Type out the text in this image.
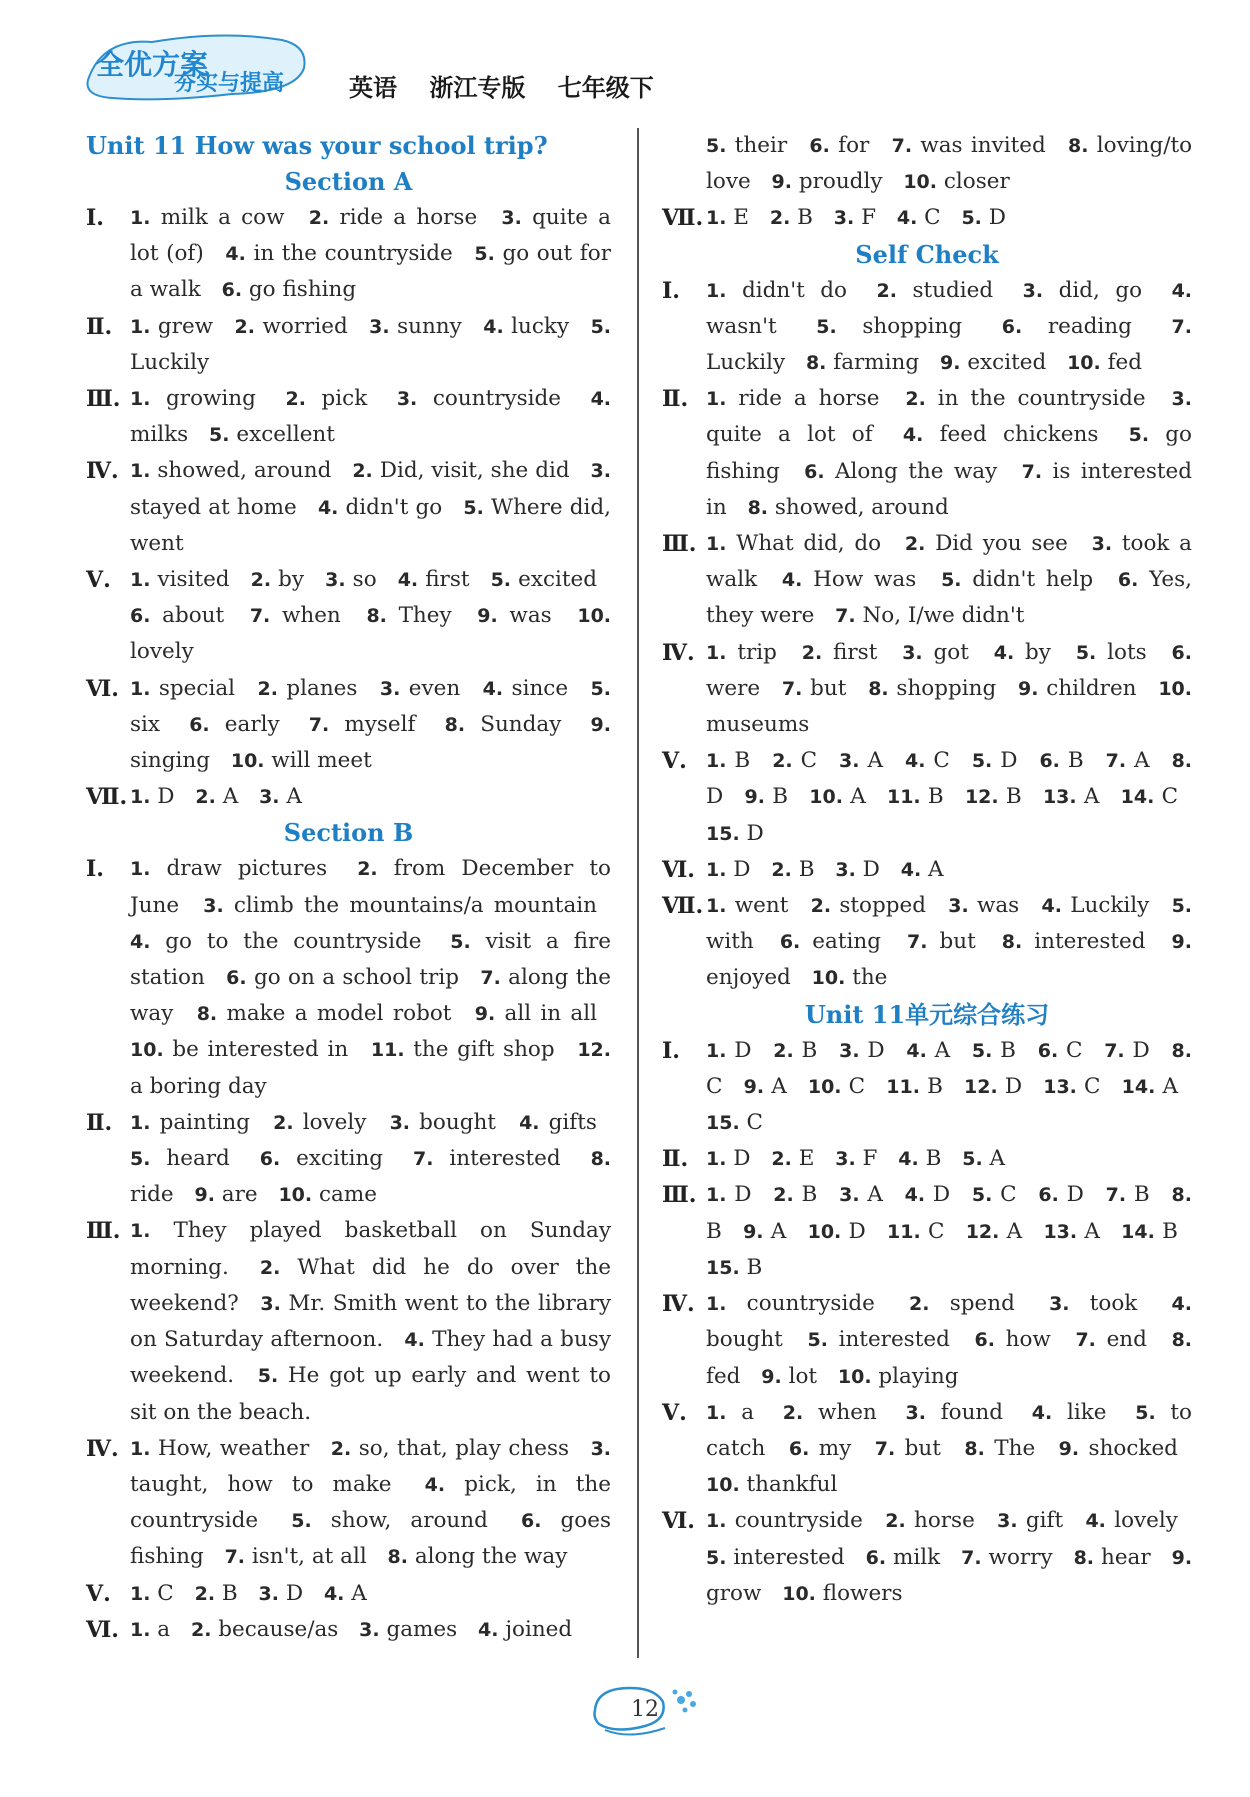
全优方案
夯实与提高	英语 浙江专版 七年级下
Unit 11 How was your school trip?
Section A
Ⅰ.	1. milk a cow 2. ride a horse 3. quite a lot (of) 4. in the countryside 5. go out for a walk 6. go fishing
Ⅱ. 1. grew 2. worried 3. sunny 4. lucky 5. Luckily
Ⅲ. 1. growing 2. pick 3. countryside 4. milks 5. excellent
Ⅳ. 1. showed, around 2. Did, visit, she did 3. stayed at home 4. didn't go 5. Where did, went
Ⅴ.	1. visited 2. by 3. so 4. first 5. excited 6. about 7. when 8. They 9. was 10. lovely
Ⅵ. 1. special 2. planes 3. even 4. since 5. six 6. early 7. myself 8. Sunday 9. singing 10. will meet
Ⅶ. 1. D 2. A 3. A
Section B
Ⅰ.	1. draw pictures 2. from December to June 3. climb the mountains/a mountain 4. go to the countryside 5. visit a fire station 6. go on a school trip 7. along the way 8. make a model robot 9. all in all 10. be interested in 11. the gift shop 12. a boring day
Ⅱ. 1. painting 2. lovely 3. bought 4. gifts 5. heard 6. exciting 7. interested 8. ride 9. are 10. came
Ⅲ. 1. They played basketball on Sunday morning. 2. What did he do over the weekend? 3. Mr. Smith went to the library on Saturday afternoon. 4. They had a busy weekend. 5. He got up early and went to sit on the beach.
Ⅳ. 1. How, weather 2. so, that, play chess 3. taught, how to make 4. pick, in the countryside 5. show, around 6. goes fishing 7. isn't, at all 8. along the way
Ⅴ.	1. C 2. B 3. D 4. A
Ⅵ. 1. a 2. because/as 3. games 4. joined
5. their 6. for 7. was invited 8. loving/to love 9. proudly 10. closer
Ⅶ. 1. E 2. B 3. F 4. C 5. D
Self Check
Ⅰ.	1. didn't do 2. studied 3. did, go 4. wasn't 5. shopping 6. reading 7. Luckily 8. farming 9. excited 10. fed
Ⅱ. 1. ride a horse 2. in the countryside 3. quite a lot of 4. feed chickens 5. go fishing 6. Along the way 7. is interested in 8. showed, around
Ⅲ. 1. What did, do 2. Did you see 3. took a walk 4. How was 5. didn't help 6. Yes, they were 7. No, I/we didn't
Ⅳ. 1. trip 2. first 3. got 4. by 5. lots 6. were 7. but 8. shopping 9. children 10. museums
Ⅴ.	1. B 2. C 3. A 4. C 5. D 6. B 7. A 8. D 9. B 10. A 11. B 12. B 13. A 14. C 15. D
Ⅵ. 1. D 2. B 3. D 4. A
Ⅶ. 1. went 2. stopped 3. was 4. Luckily 5. with 6. eating 7. but 8. interested 9. enjoyed 10. the
Unit 11单元综合练习
Ⅰ.	1. D 2. B 3. D 4. A 5. B 6. C 7. D 8. C 9. A 10. C 11. B 12. D 13. C 14. A 15. C
Ⅱ. 1. D 2. E 3. F 4. B 5. A
Ⅲ. 1. D 2. B 3. A 4. D 5. C 6. D 7. B 8. B 9. A 10. D 11. C 12. A 13. A 14. B 15. B
Ⅳ. 1. countryside 2. spend 3. took 4. bought 5. interested 6. how 7. end 8. fed 9. lot 10. playing
Ⅴ.	1. a 2. when 3. found 4. like 5. to catch 6. my 7. but 8. The 9. shocked 10. thankful
Ⅵ. 1. countryside 2. horse 3. gift 4. lovely 5. interested 6. milk 7. worry 8. hear 9. grow 10. flowers
12
